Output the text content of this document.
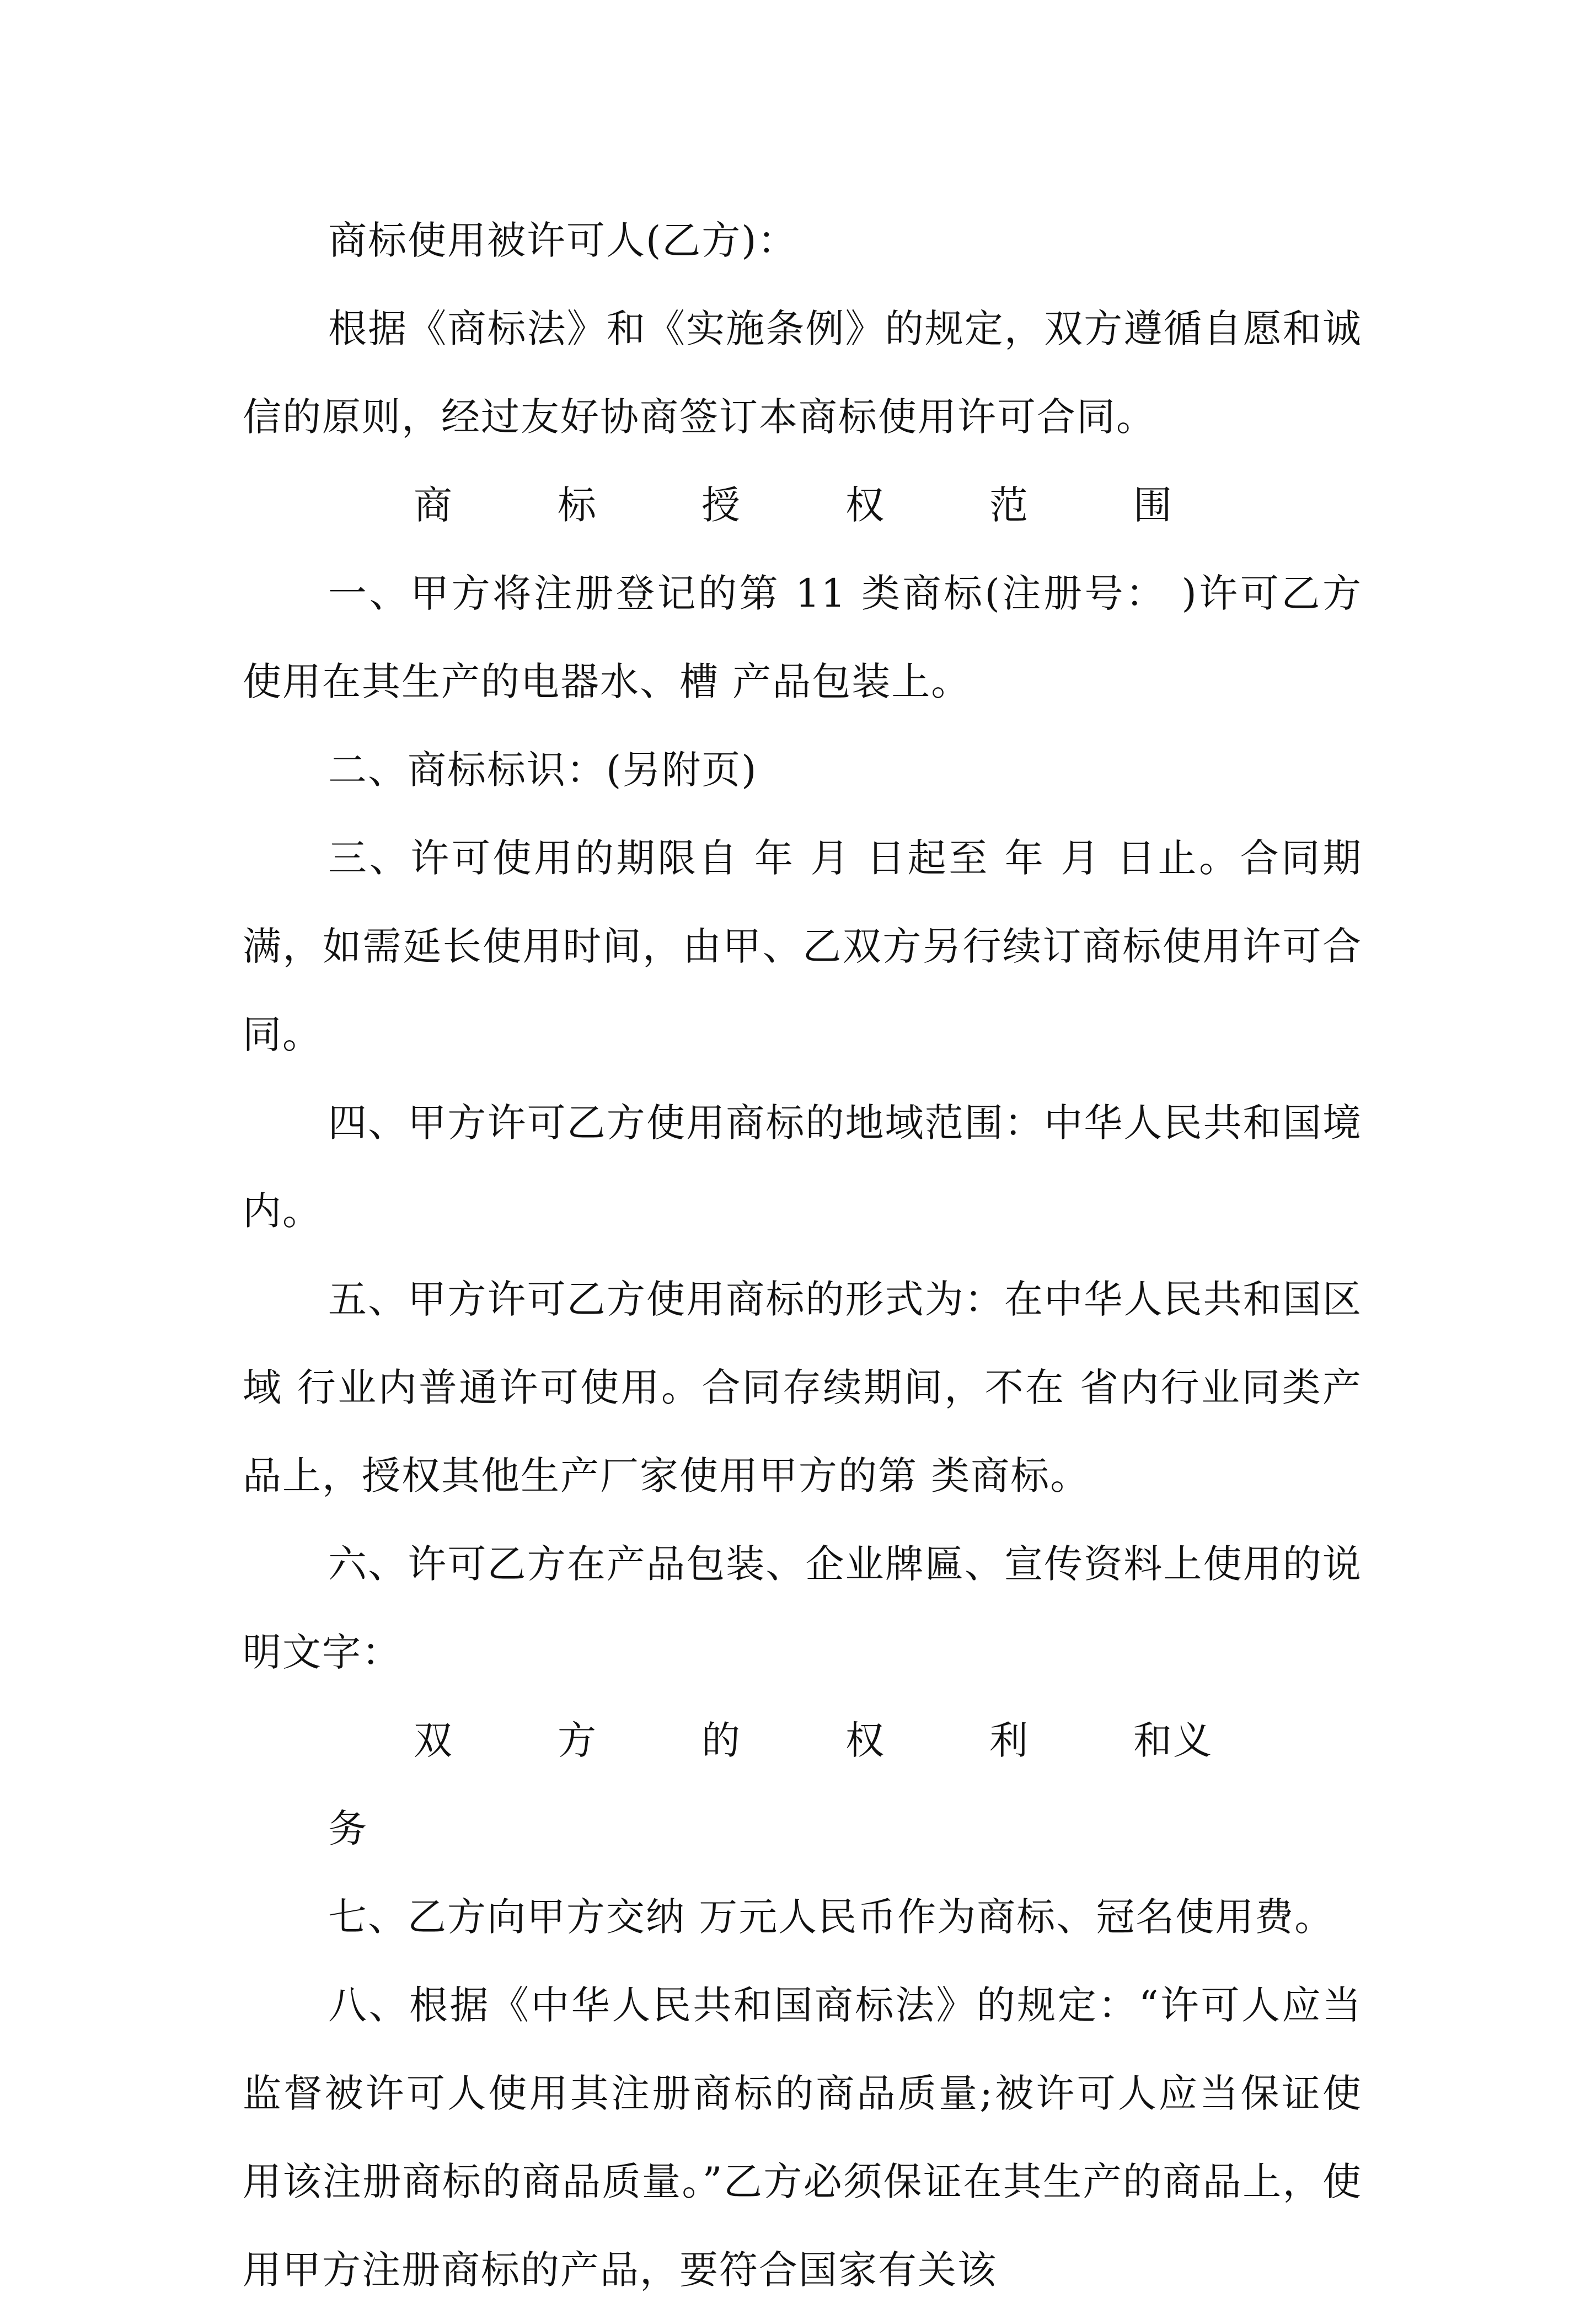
商标使用被许可人(乙方)：

根据《商标法》和《实施条例》的规定，双方遵循自愿和诚信的原则，经过友好协商签订本商标使用许可合同。

商	标	授	权	范	围

一、甲方将注册登记的第 11 类商标(注册号： )许可乙方使用在其生产的电器水、槽 产品包装上。

二、商标标识：(另附页)

三、许可使用的期限自 年 月 日起至 年 月 日止。合同期满，如需延长使用时间，由甲、乙双方另行续订商标使用许可合同。

四、甲方许可乙方使用商标的地域范围：中华人民共和国境内。

五、甲方许可乙方使用商标的形式为：在中华人民共和国区域 行业内普通许可使用。合同存续期间，不在 省内行业同类产品上，授权其他生产厂家使用甲方的第 类商标。

六、许可乙方在产品包装、企业牌匾、宣传资料上使用的说明文字：

双	方	的	权	利	和义务

七、乙方向甲方交纳 万元人民币作为商标、冠名使用费。

八、根据《中华人民共和国商标法》的规定：“许可人应当监督被许可人使用其注册商标的商品质量;被许可人应当保证使用该注册商标的商品质量。”乙方必须保证在其生产的商品上，使用甲方注册商标的产品，要符合国家有关该
